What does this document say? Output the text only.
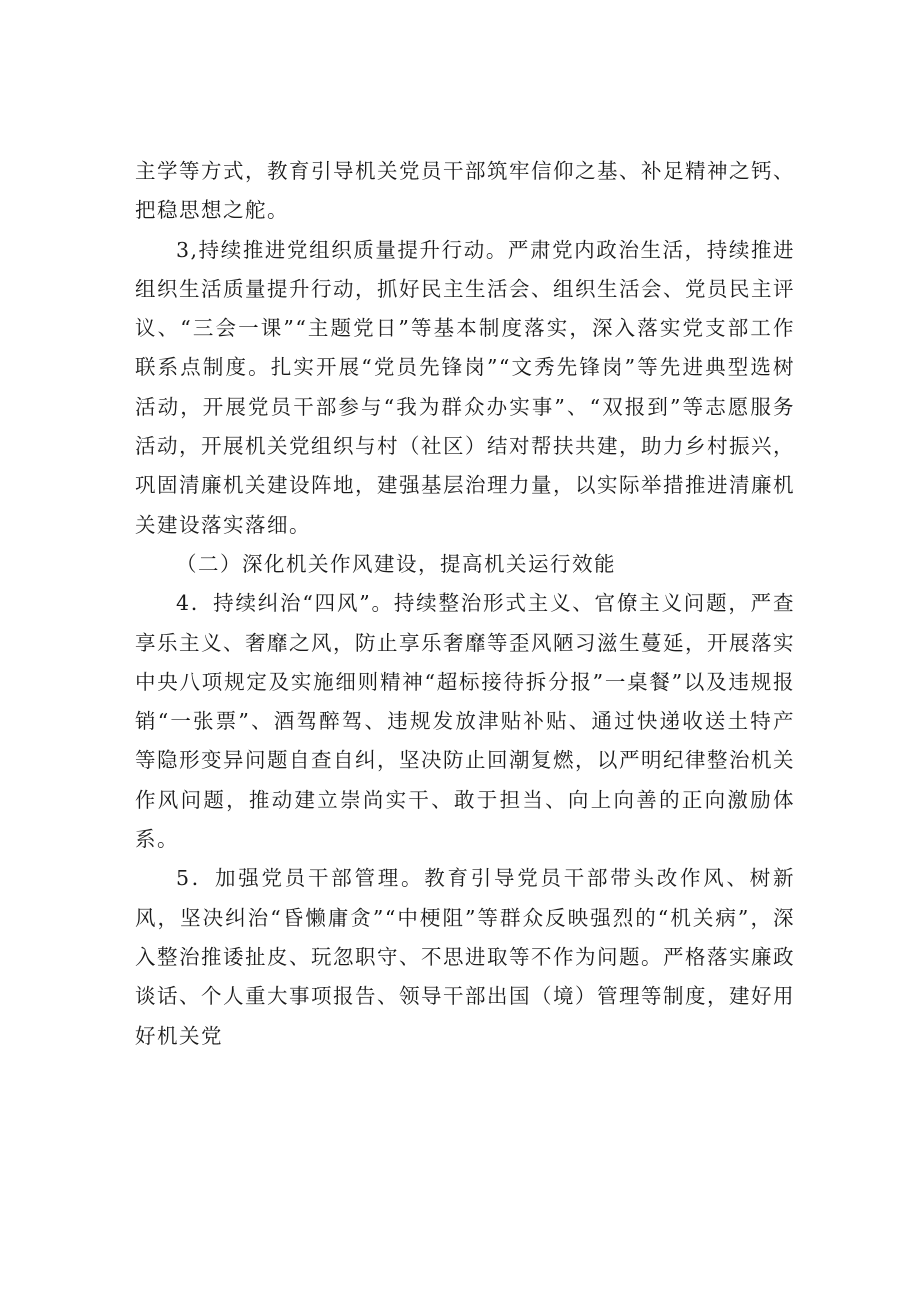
主学等方式，教育引导机关党员干部筑牢信仰之基、补足精神之钙、把稳思想之舵。

3,持续推进党组织质量提升行动。严肃党内政治生活，持续推进组织生活质量提升行动，抓好民主生活会、组织生活会、党员民主评议、“三会一课”“主题党日”等基本制度落实，深入落实党支部工作联系点制度。扎实开展“党员先锋岗”“文秀先锋岗”等先进典型选树活动，开展党员干部参与“我为群众办实事”、“双报到”等志愿服务活动，开展机关党组织与村（社区）结对帮扶共建，助力乡村振兴，巩固清廉机关建设阵地，建强基层治理力量，以实际举措推进清廉机关建设落实落细。

（二）深化机关作风建设，提高机关运行效能

4．持续纠治“四风”。持续整治形式主义、官僚主义问题，严查享乐主义、奢靡之风，防止享乐奢靡等歪风陋习滋生蔓延，开展落实中央八项规定及实施细则精神“超标接待拆分报”一桌餐”以及违规报销“一张票”、酒驾醉驾、违规发放津贴补贴、通过快递收送土特产等隐形变异问题自查自纠，坚决防止回潮复燃，以严明纪律整治机关作风问题，推动建立崇尚实干、敢于担当、向上向善的正向激励体系。

5．加强党员干部管理。教育引导党员干部带头改作风、树新风，坚决纠治“昏懒庸贪”“中梗阻”等群众反映强烈的“机关病”，深入整治推诿扯皮、玩忽职守、不思进取等不作为问题。严格落实廉政谈话、个人重大事项报告、领导干部出国（境）管理等制度，建好用好机关党
